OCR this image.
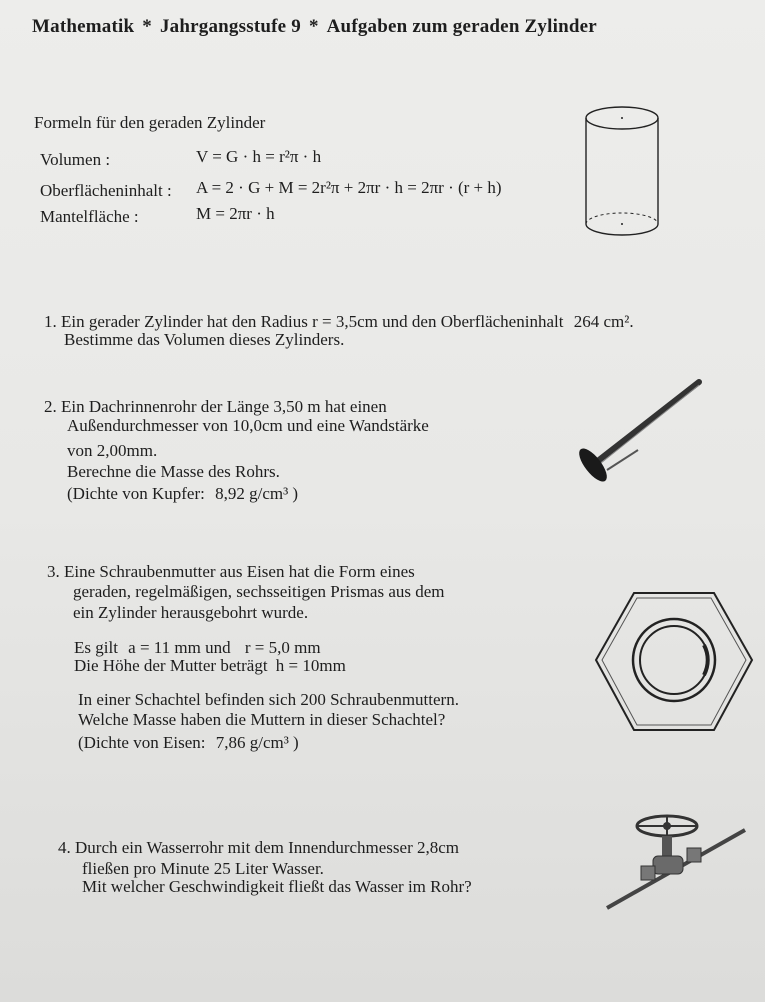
Mathematik * Jahrgangsstufe 9 * Aufgaben zum geraden Zylinder
Formeln für den geraden Zylinder
Volumen :	V = G · h = r²π · h
Oberflächeninhalt : A = 2 · G + M = 2r²π + 2πr · h = 2πr · (r + h)
Mantelfläche :	M = 2πr · h
1. Ein gerader Zylinder hat den Radius r = 3,5cm und den Oberflächeninhalt 264 cm².
Bestimme das Volumen dieses Zylinders.
2. Ein Dachrinnenrohr der Länge 3,50 m hat einen
Außendurchmesser von 10,0cm und eine Wandstärke
von 2,00mm.
Berechne die Masse des Rohrs.
(Dichte von Kupfer: 8,92 g/cm³ )
3. Eine Schraubenmutter aus Eisen hat die Form eines
geraden, regelmäßigen, sechsseitigen Prismas aus dem
ein Zylinder herausgebohrt wurde.
Es gilt a = 11 mm und r = 5,0 mm
Die Höhe der Mutter beträgt h = 10mm
In einer Schachtel befinden sich 200 Schraubenmuttern.
Welche Masse haben die Muttern in dieser Schachtel?
(Dichte von Eisen: 7,86 g/cm³ )
4. Durch ein Wasserrohr mit dem Innendurchmesser 2,8cm
fließen pro Minute 25 Liter Wasser.
Mit welcher Geschwindigkeit fließt das Wasser im Rohr?
